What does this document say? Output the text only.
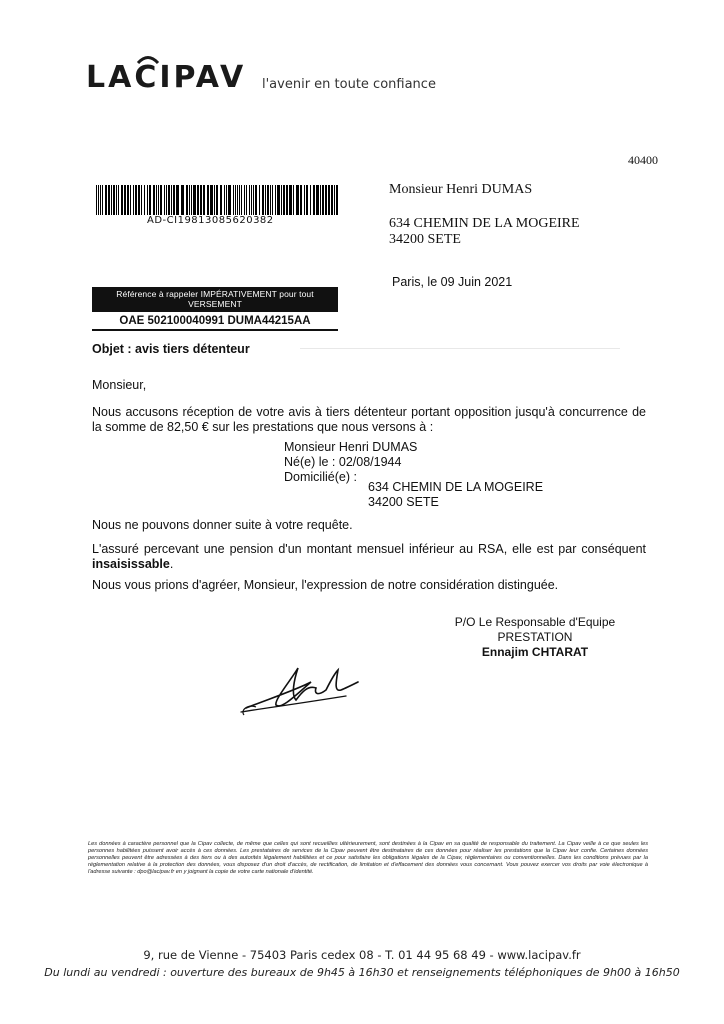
LA C IPAV l'avenir en toute confiance
40400
AD-CI19813085620382
Monsieur Henri DUMAS
634 CHEMIN DE LA MOGEIRE
34200 SETE
Paris, le 09 Juin 2021
Référence à rappeler IMPÉRATIVEMENT pour tout VERSEMENT
OAE 502100040991 DUMA44215AA
Objet : avis tiers détenteur
Monsieur,
Nous accusons réception de votre avis à tiers détenteur portant opposition jusqu'à concurrence de la somme de 82,50 € sur les prestations que nous versons à :
Monsieur Henri DUMAS
Né(e) le : 02/08/1944
Domicilié(e) :
634 CHEMIN DE LA MOGEIRE
34200 SETE
Nous ne pouvons donner suite à votre requête.
L'assuré percevant une pension d'un montant mensuel inférieur au RSA, elle est par conséquent insaisissable.
Nous vous prions d'agréer, Monsieur, l'expression de notre considération distinguée.
P/O Le Responsable d'Equipe
PRESTATION
Ennajim CHTARAT
Les données à caractère personnel que la Cipav collecte, de même que celles qui sont recueillies ultérieurement, sont destinées à la Cipav en sa qualité de responsable du traitement. La Cipav veille à ce que seules les personnes habilitées puissent avoir accès à ces données. Les prestataires de services de la Cipav peuvent être destinataires de ces données pour réaliser les prestations que la Cipav leur confie. Certaines données personnelles peuvent être adressées à des tiers ou à des autorités légalement habilitées et ce pour satisfaire les obligations légales de la Cipav, réglementaires ou conventionnelles. Dans les conditions prévues par la réglementation relative à la protection des données, vous disposez d'un droit d'accès, de rectification, de limitation et d'effacement des données vous concernant. Vous pouvez exercer vos droits par voie électronique à l'adresse suivante : dpo@lacipav.fr en y joignant la copie de votre carte nationale d'identité.
9, rue de Vienne - 75403 Paris cedex 08 - T. 01 44 95 68 49 - www.lacipav.fr
Du lundi au vendredi : ouverture des bureaux de 9h45 à 16h30 et renseignements téléphoniques de 9h00 à 16h50
